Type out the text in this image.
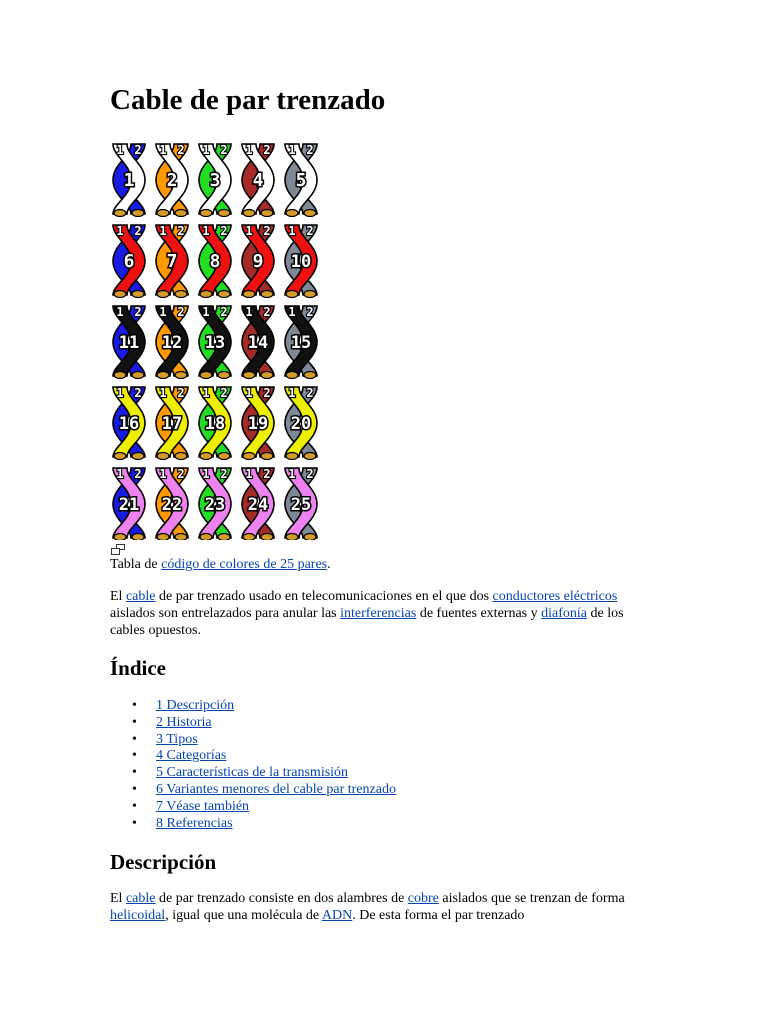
Cable de par trenzado
1 2
1
1 2
2
1 2
3
1 2
4
1 2
5
1 2
6
1 2
7
1 2
8
1 2
9
1 2
10
1 2
11
1 2
12
1 2
13
1 2
14
1 2
15
1 2
16
1 2
17
1 2
18
1 2
19
1 2
20
1 2
21
1 2
22
1 2
23
1 2
24
1 2
25
Tabla de código de colores de 25 pares.

El cable de par trenzado usado en telecomunicaciones en el que dos conductores eléctricos aislados son entrelazados para anular las interferencias de fuentes externas y diafonía de los cables opuestos.

Índice
• 1 Descripción
• 2 Historia
• 3 Tipos
• 4 Categorías
• 5 Características de la transmisión
• 6 Variantes menores del cable par trenzado
• 7 Véase también
• 8 Referencias
Descripción

El cable de par trenzado consiste en dos alambres de cobre aislados que se trenzan de forma helicoidal, igual que una molécula de ADN. De esta forma el par trenzado
